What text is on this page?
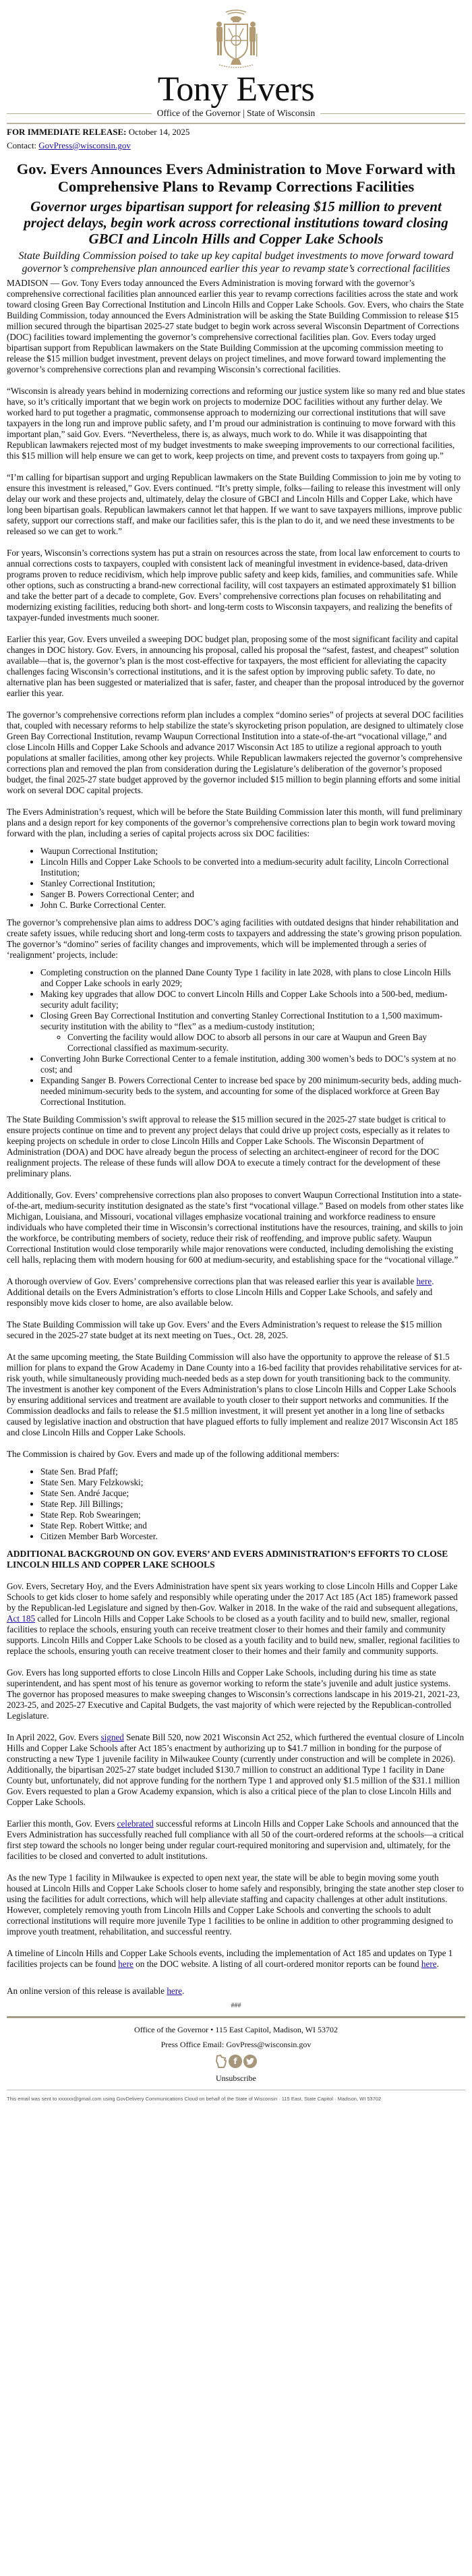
Tony Evers
Office of the Governor | State of Wisconsin
FOR IMMEDIATE RELEASE: October 14, 2025
Contact: GovPress@wisconsin.gov
Gov. Evers Announces Evers Administration to Move Forward with Comprehensive Plans to Revamp Corrections Facilities
Governor urges bipartisan support for releasing $15 million to prevent project delays, begin work across correctional institutions toward closing GBCI and Lincoln Hills and Copper Lake Schools
State Building Commission poised to take up key capital budget investments to move forward toward governor’s comprehensive plan announced earlier this year to revamp state’s correctional facilities

MADISON — Gov. Tony Evers today announced the Evers Administration is moving forward with the governor’s comprehensive correctional facilities plan announced earlier this year to revamp corrections facilities across the state and work toward closing Green Bay Correctional Institution and Lincoln Hills and Copper Lake Schools. Gov. Evers, who chairs the State Building Commission, today announced the Evers Administration will be asking the State Building Commission to release $15 million secured through the bipartisan 2025-27 state budget to begin work across several Wisconsin Department of Corrections (DOC) facilities toward implementing the governor’s comprehensive correctional facilities plan. Gov. Evers today urged bipartisan support from Republican lawmakers on the State Building Commission at the upcoming commission meeting to release the $15 million budget investment, prevent delays on project timelines, and move forward toward implementing the governor’s comprehensive corrections plan and revamping Wisconsin’s correctional facilities.

“Wisconsin is already years behind in modernizing corrections and reforming our justice system like so many red and blue states have, so it’s critically important that we begin work on projects to modernize DOC facilities without any further delay. We worked hard to put together a pragmatic, commonsense approach to modernizing our correctional institutions that will save taxpayers in the long run and improve public safety, and I’m proud our administration is continuing to move forward with this important plan,” said Gov. Evers. “Nevertheless, there is, as always, much work to do. While it was disappointing that Republican lawmakers rejected most of my budget investments to make sweeping improvements to our correctional facilities, this $15 million will help ensure we can get to work, keep projects on time, and prevent costs to taxpayers from going up.”

“I’m calling for bipartisan support and urging Republican lawmakers on the State Building Commission to join me by voting to ensure this investment is released,” Gov. Evers continued. “It’s pretty simple, folks—failing to release this investment will only delay our work and these projects and, ultimately, delay the closure of GBCI and Lincoln Hills and Copper Lake, which have long been bipartisan goals. Republican lawmakers cannot let that happen. If we want to save taxpayers millions, improve public safety, support our corrections staff, and make our facilities safer, this is the plan to do it, and we need these investments to be released so we can get to work.”

For years, Wisconsin’s corrections system has put a strain on resources across the state, from local law enforcement to courts to annual corrections costs to taxpayers, coupled with consistent lack of meaningful investment in evidence-based, data-driven programs proven to reduce recidivism, which help improve public safety and keep kids, families, and communities safe. While other options, such as constructing a brand-new correctional facility, will cost taxpayers an estimated approximately $1 billion and take the better part of a decade to complete, Gov. Evers’ comprehensive corrections plan focuses on rehabilitating and modernizing existing facilities, reducing both short- and long-term costs to Wisconsin taxpayers, and realizing the benefits of taxpayer-funded investments much sooner.

Earlier this year, Gov. Evers unveiled a sweeping DOC budget plan, proposing some of the most significant facility and capital changes in DOC history. Gov. Evers, in announcing his proposal, called his proposal the “safest, fastest, and cheapest” solution available—that is, the governor’s plan is the most cost-effective for taxpayers, the most efficient for alleviating the capacity challenges facing Wisconsin’s correctional institutions, and it is the safest option by improving public safety. To date, no alternative plan has been suggested or materialized that is safer, faster, and cheaper than the proposal introduced by the governor earlier this year.

The governor’s comprehensive corrections reform plan includes a complex “domino series” of projects at several DOC facilities that, coupled with necessary reforms to help stabilize the state’s skyrocketing prison population, are designed to ultimately close Green Bay Correctional Institution, revamp Waupun Correctional Institution into a state-of-the-art “vocational village,” and close Lincoln Hills and Copper Lake Schools and advance 2017 Wisconsin Act 185 to utilize a regional approach to youth populations at smaller facilities, among other key projects. While Republican lawmakers rejected the governor’s comprehensive corrections plan and removed the plan from consideration during the Legislature’s deliberation of the governor’s proposed budget, the final 2025-27 state budget approved by the governor included $15 million to begin planning efforts and some initial work on several DOC capital projects.

The Evers Administration’s request, which will be before the State Building Commission later this month, will fund preliminary plans and a design report for key components of the governor’s comprehensive corrections plan to begin work toward moving forward with the plan, including a series of capital projects across six DOC facilities:

• Waupun Correctional Institution;
• Lincoln Hills and Copper Lake Schools to be converted into a medium-security adult facility, Lincoln Correctional Institution;
• Stanley Correctional Institution;
• Sanger B. Powers Correctional Center; and
• John C. Burke Correctional Center.

The governor’s comprehensive plan aims to address DOC’s aging facilities with outdated designs that hinder rehabilitation and create safety issues, while reducing short and long-term costs to taxpayers and addressing the state’s growing prison population. The governor’s “domino” series of facility changes and improvements, which will be implemented through a series of ‘realignment’ projects, include:

• Completing construction on the planned Dane County Type 1 facility in late 2028, with plans to close Lincoln Hills and Copper Lake schools in early 2029;
• Making key upgrades that allow DOC to convert Lincoln Hills and Copper Lake Schools into a 500-bed, medium-security adult facility;
• Closing Green Bay Correctional Institution and converting Stanley Correctional Institution to a 1,500 maximum-security institution with the ability to “flex” as a medium-custody institution;
◦ Converting the facility would allow DOC to absorb all persons in our care at Waupun and Green Bay Correctional classified as maximum-security.
• Converting John Burke Correctional Center to a female institution, adding 300 women’s beds to DOC’s system at no cost; and
• Expanding Sanger B. Powers Correctional Center to increase bed space by 200 minimum-security beds, adding much-needed minimum-security beds to the system, and accounting for some of the displaced workforce at Green Bay Correctional Institution.

The State Building Commission’s swift approval to release the $15 million secured in the 2025-27 state budget is critical to ensure projects continue on time and to prevent any project delays that could drive up project costs, especially as it relates to keeping projects on schedule in order to close Lincoln Hills and Copper Lake Schools. The Wisconsin Department of Administration (DOA) and DOC have already begun the process of selecting an architect-engineer of record for the DOC realignment projects. The release of these funds will allow DOA to execute a timely contract for the development of these preliminary plans.

Additionally, Gov. Evers’ comprehensive corrections plan also proposes to convert Waupun Correctional Institution into a state-of-the-art, medium-security institution designated as the state’s first “vocational village.” Based on models from other states like Michigan, Louisiana, and Missouri, vocational villages emphasize vocational training and workforce readiness to ensure individuals who have completed their time in Wisconsin’s correctional institutions have the resources, training, and skills to join the workforce, be contributing members of society, reduce their risk of reoffending, and improve public safety. Waupun Correctional Institution would close temporarily while major renovations were conducted, including demolishing the existing cell halls, replacing them with modern housing for 600 at medium-security, and establishing space for the “vocational village.”

A thorough overview of Gov. Evers’ comprehensive corrections plan that was released earlier this year is available here. Additional details on the Evers Administration’s efforts to close Lincoln Hills and Copper Lake Schools, and safely and responsibly move kids closer to home, are also available below.

The State Building Commission will take up Gov. Evers’ and the Evers Administration’s request to release the $15 million secured in the 2025-27 state budget at its next meeting on Tues., Oct. 28, 2025.

At the same upcoming meeting, the State Building Commission will also have the opportunity to approve the release of $1.5 million for plans to expand the Grow Academy in Dane County into a 16-bed facility that provides rehabilitative services for at-risk youth, while simultaneously providing much-needed beds as a step down for youth transitioning back to the community. The investment is another key component of the Evers Administration’s plans to close Lincoln Hills and Copper Lake Schools by ensuring additional services and treatment are available to youth closer to their support networks and communities. If the Commission deadlocks and fails to release the $1.5 million investment, it will present yet another in a long line of setbacks caused by legislative inaction and obstruction that have plagued efforts to fully implement and realize 2017 Wisconsin Act 185 and close Lincoln Hills and Copper Lake Schools.

The Commission is chaired by Gov. Evers and made up of the following additional members:

• State Sen. Brad Pfaff;
• State Sen. Mary Felzkowski;
• State Sen. André Jacque;
• State Rep. Jill Billings;
• State Rep. Rob Swearingen;
• State Rep. Robert Wittke; and
• Citizen Member Barb Worcester.
ADDITIONAL BACKGROUND ON GOV. EVERS’ AND EVERS ADMINISTRATION’S EFFORTS TO CLOSE LINCOLN HILLS AND COPPER LAKE SCHOOLS

Gov. Evers, Secretary Hoy, and the Evers Administration have spent six years working to close Lincoln Hills and Copper Lake Schools to get kids closer to home safely and responsibly while operating under the 2017 Act 185 (Act 185) framework passed by the Republican-led Legislature and signed by then-Gov. Walker in 2018. In the wake of the raid and subsequent allegations, Act 185 called for Lincoln Hills and Copper Lake Schools to be closed as a youth facility and to build new, smaller, regional facilities to replace the schools, ensuring youth can receive treatment closer to their homes and their family and community supports. Lincoln Hills and Copper Lake Schools to be closed as a youth facility and to build new, smaller, regional facilities to replace the schools, ensuring youth can receive treatment closer to their homes and their family and community supports.

Gov. Evers has long supported efforts to close Lincoln Hills and Copper Lake Schools, including during his time as state superintendent, and has spent most of his tenure as governor working to reform the state’s juvenile and adult justice systems. The governor has proposed measures to make sweeping changes to Wisconsin’s corrections landscape in his 2019-21, 2021-23, 2023-25, and 2025-27 Executive and Capital Budgets, the vast majority of which were rejected by the Republican-controlled Legislature.

In April 2022, Gov. Evers signed Senate Bill 520, now 2021 Wisconsin Act 252, which furthered the eventual closure of Lincoln Hills and Copper Lake Schools after Act 185’s enactment by authorizing up to $41.7 million in bonding for the purpose of constructing a new Type 1 juvenile facility in Milwaukee County (currently under construction and will be complete in 2026). Additionally, the bipartisan 2025-27 state budget included $130.7 million to construct an additional Type 1 facility in Dane County but, unfortunately, did not approve funding for the northern Type 1 and approved only $1.5 million of the $31.1 million Gov. Evers requested to plan a Grow Academy expansion, which is also a critical piece of the plan to close Lincoln Hills and Copper Lake Schools.

Earlier this month, Gov. Evers celebrated successful reforms at Lincoln Hills and Copper Lake Schools and announced that the Evers Administration has successfully reached full compliance with all 50 of the court-ordered reforms at the schools—a critical first step toward the schools no longer being under regular court-required monitoring and supervision and, ultimately, for the facilities to be closed and converted to adult institutions.

As the new Type 1 facility in Milwaukee is expected to open next year, the state will be able to begin moving some youth housed at Lincoln Hills and Copper Lake Schools closer to home safely and responsibly, bringing the state another step closer to using the facilities for adult corrections, which will help alleviate staffing and capacity challenges at other adult institutions. However, completely removing youth from Lincoln Hills and Copper Lake Schools and converting the schools to adult correctional institutions will require more juvenile Type 1 facilities to be online in addition to other programming designed to improve youth treatment, rehabilitation, and successful reentry.

A timeline of Lincoln Hills and Copper Lake Schools events, including the implementation of Act 185 and updates on Type 1 facilities projects can be found here on the DOC website. A listing of all court-ordered monitor reports can be found here.

An online version of this release is available here.

###

Office of the Governor • 115 East Capitol, Madison, WI 53702

Press Office Email: GovPress@wisconsin.gov

f
Unsubscribe
This email was sent to xxxxxx@gmail.com using GovDelivery Communications Cloud on behalf of the State of Wisconsin · 115 East, State Capitol · Madison, WI 53702
